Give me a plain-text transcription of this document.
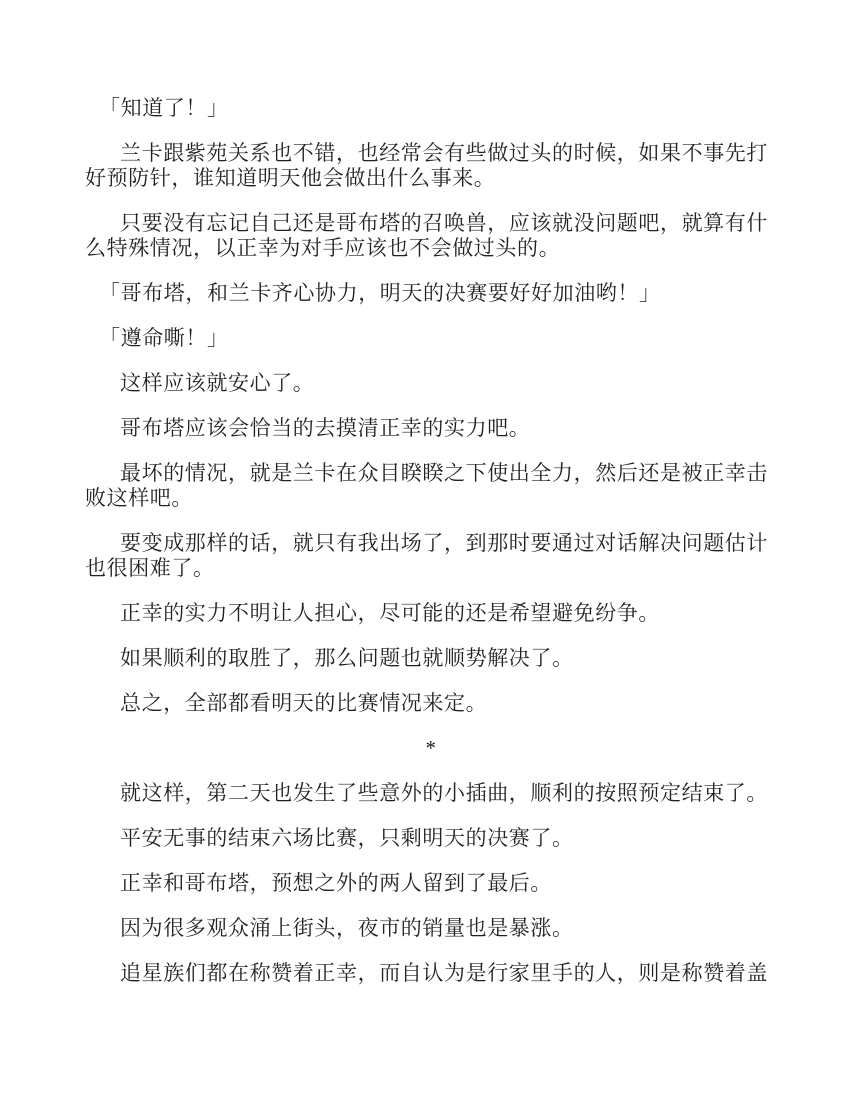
「知道了！」

兰卡跟紫苑关系也不错，也经常会有些做过头的时候，如果不事先打好预防针，谁知道明天他会做出什么事来。

只要没有忘记自己还是哥布塔的召唤兽，应该就没问题吧，就算有什么特殊情况，以正幸为对手应该也不会做过头的。

「哥布塔，和兰卡齐心协力，明天的决赛要好好加油哟！」

「遵命嘶！」

这样应该就安心了。

哥布塔应该会恰当的去摸清正幸的实力吧。

最坏的情况，就是兰卡在众目睽睽之下使出全力，然后还是被正幸击败这样吧。

要变成那样的话，就只有我出场了，到那时要通过对话解决问题估计也很困难了。

正幸的实力不明让人担心，尽可能的还是希望避免纷争。

如果顺利的取胜了，那么问题也就顺势解决了。

总之，全部都看明天的比赛情况来定。

*

就这样，第二天也发生了些意外的小插曲，顺利的按照预定结束了。

平安无事的结束六场比赛，只剩明天的决赛了。

正幸和哥布塔，预想之外的两人留到了最后。

因为很多观众涌上街头，夜市的销量也是暴涨。

追星族们都在称赞着正幸，而自认为是行家里手的人，则是称赞着盖
